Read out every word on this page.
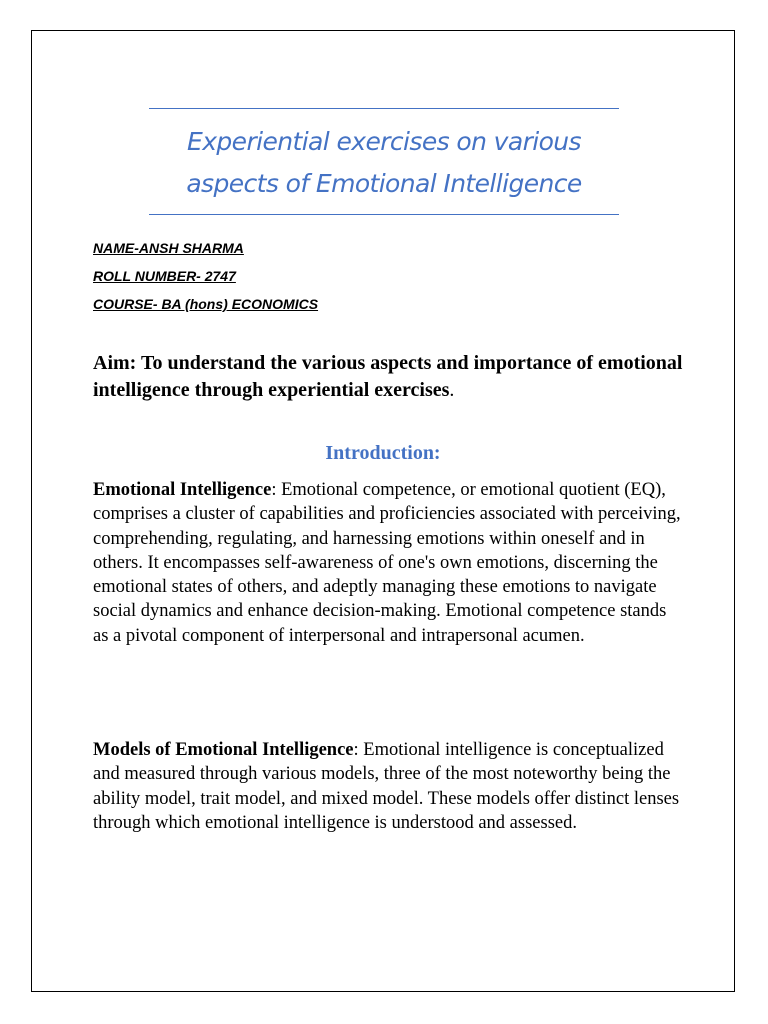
Experiential exercises on various
aspects of Emotional Intelligence
NAME-ANSH SHARMA
ROLL NUMBER- 2747
COURSE- BA (hons) ECONOMICS
Aim: To understand the various aspects and importance of emotional intelligence through experiential exercises.
Introduction:
Emotional Intelligence: Emotional competence, or emotional quotient (EQ), comprises a cluster of capabilities and proficiencies associated with perceiving, comprehending, regulating, and harnessing emotions within oneself and in others. It encompasses self-awareness of one's own emotions, discerning the emotional states of others, and adeptly managing these emotions to navigate social dynamics and enhance decision-making. Emotional competence stands as a pivotal component of interpersonal and intrapersonal acumen.
Models of Emotional Intelligence: Emotional intelligence is conceptualized and measured through various models, three of the most noteworthy being the ability model, trait model, and mixed model. These models offer distinct lenses through which emotional intelligence is understood and assessed.
